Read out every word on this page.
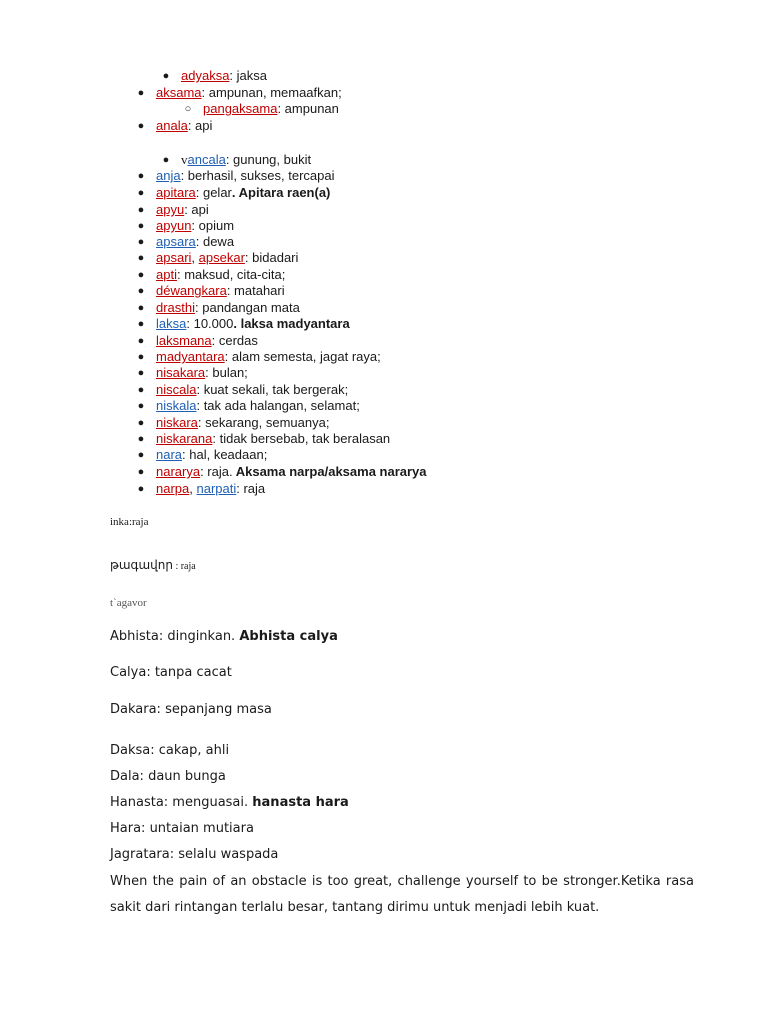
● adyaksa: jaksa
● aksama: ampunan, memaafkan;
○ pangaksama: ampunan
● anala: api
● vancala: gunung, bukit
● anja: berhasil, sukses, tercapai
● apitara: gelar. Apitara raen(a)
● apyu: api
● apyun: opium
● apsara: dewa
● apsari, apsekar: bidadari
● apti: maksud, cita-cita;
● déwangkara: matahari
● drasthi: pandangan mata
● laksa: 10.000. laksa madyantara
● laksmana: cerdas
● madyantara: alam semesta, jagat raya;
● nisakara: bulan;
● niscala: kuat sekali, tak bergerak;
● niskala: tak ada halangan, selamat;
● niskara: sekarang, semuanya;
● niskarana: tidak bersebab, tak beralasan
● nara: hal, keadaan;
● nararya: raja. Aksama narpa/aksama nararya
● narpa, narpati: raja
inka:raja
թագավոր : raja
t`agavor
Abhista: dinginkan. Abhista calya
Calya: tanpa cacat
Dakara: sepanjang masa
Daksa: cakap, ahli
Dala: daun bunga
Hanasta: menguasai. hanasta hara
Hara: untaian mutiara
Jagratara: selalu waspada
When the pain of an obstacle is too great, challenge yourself to be stronger.Ketika rasa sakit dari rintangan terlalu besar, tantang dirimu untuk menjadi lebih kuat.
